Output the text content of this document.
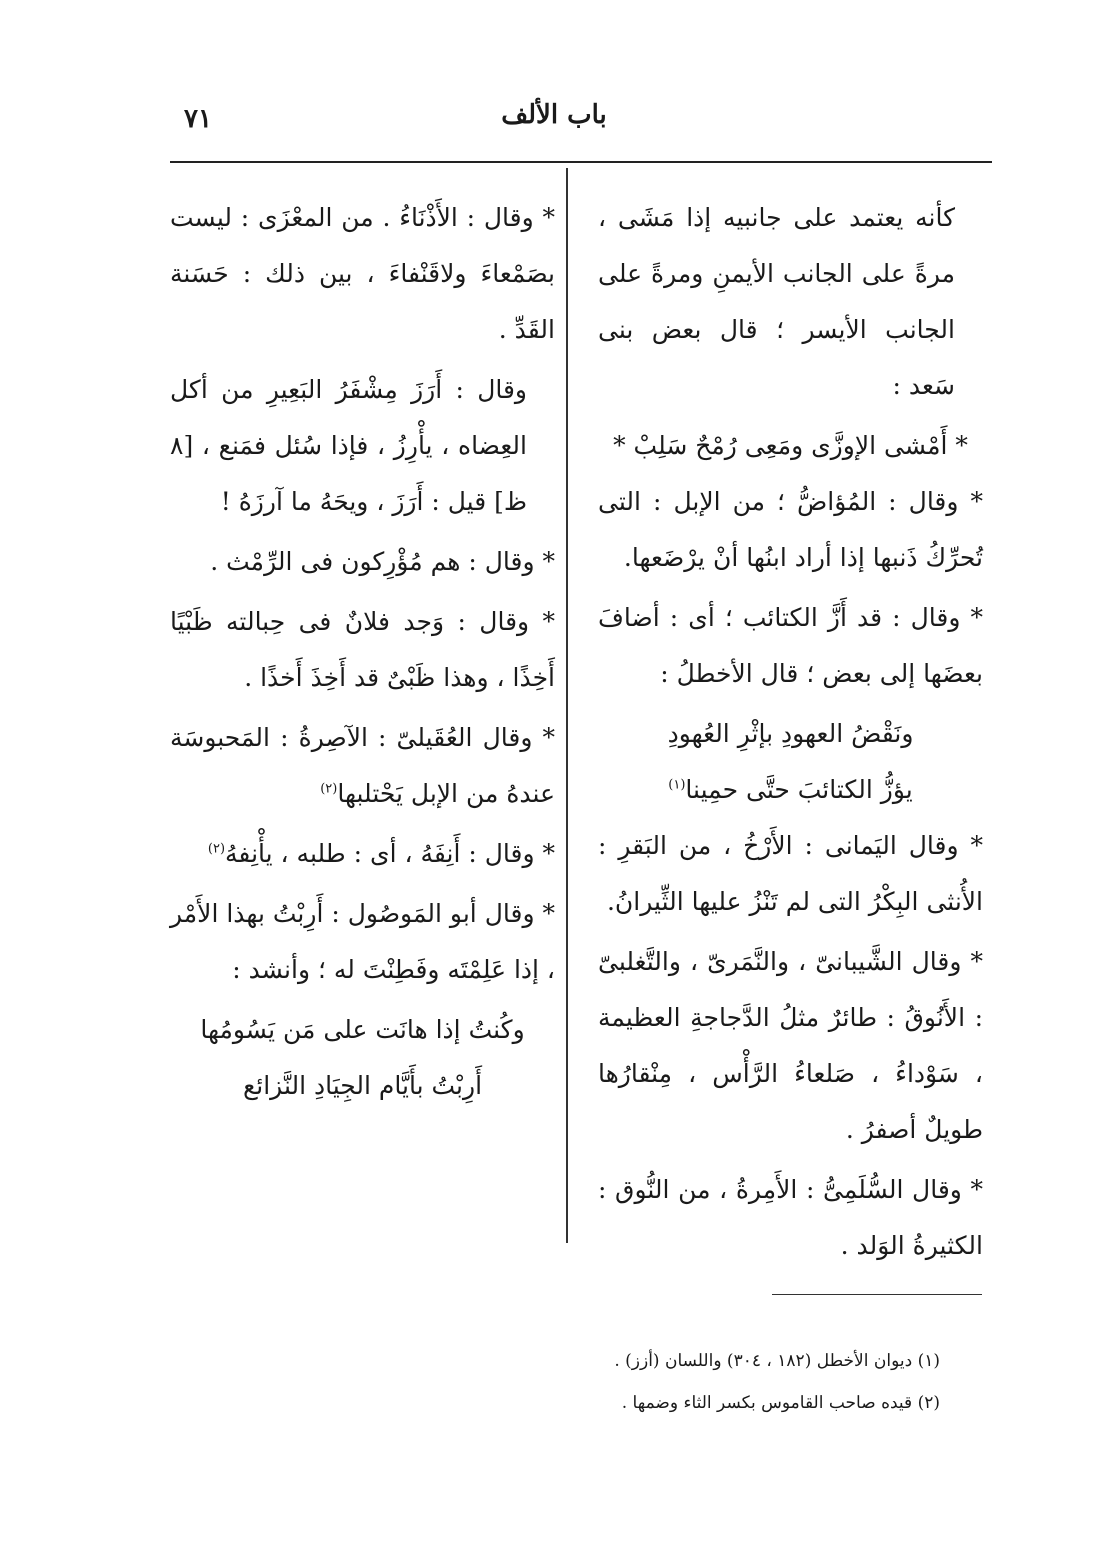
باب الألف
٧١

كأنه يعتمد على جانبيه إذا مَشَى ، مرةً على الجانب الأيمنِ ومرةً على الجانب الأيسر ؛ قال بعض بنى سَعد :

* أَمْشى الإوزَّى ومَعِى رُمْحٌ سَلِبْ *

* وقال : المُؤاضُّ ؛ من الإبل : التى تُحرِّكُ ذَنبها إذا أراد ابنُها أنْ يرْضَعها.

* وقال : قد أَزَّ الكتائب ؛ أى : أضافَ بعضَها إلى بعض ؛ قال الأخطلُ :

ونَقْضُ العهودِ بإثْرِ العُهودِ

يؤزُّ الكتائبَ حتَّى حمِينا$^{(١)}$

* وقال اليَمانى : الأَرْخُ ، من البَقرِ : الأُنثى البِكْرُ التى لم تَنْزُ عليها الثِّيرانُ.

* وقال الشَّيبانىّ ، والنَّمَرىّ ، والتَّغلبىّ : الأَنُوقُ : طائرٌ مثلُ الدَّجاجةِ العظيمة ، سَوْداءُ ، صَلعاءُ الرَّأْس ، مِنْقارُها طويلٌ أصفرُ .

* وقال السُّلَمِىُّ : الأَمِرةُ ، من النُّوق : الكثيرةُ الوَلد .

* وقال : الأَذْنَاءُ . من المعْزَى : ليست بصَمْعاءَ ولاقَنْفاءَ ، بين ذلك : حَسَنة القَدِّ .

وقال : أَرَزَ مِشْفَرُ البَعِيرِ من أكل العِضاه ، يأْرِزُ ، فإذا سُئل فمَنع ، [٨ ظ] قيل : أَرَزَ ، ويحَهُ ما آرزَهُ !

* وقال : هم مُؤْرِكون فى الرِّمْث .

* وقال : وَجد فلانٌ فى حِبالته ظَبْيًا أَخِذًا ، وهذا ظَبْىٌ قد أَخِذَ أَخذًا .

* وقال العُقَيلىّ : الآصِرةُ : المَحبوسَة عندهُ من الإبل يَحْتلبها$^{(٢)}$

* وقال : أَنِفَهُ ، أى : طلبه ، يأْنِفهُ$^{(٢)}$

* وقال أبو المَوصُول : أَرِبْتُ بهذا الأَمْر ، إذا عَلِمْتَه وفَطِنْتَ له ؛ وأنشد :

وكُنتُ إذا هانَت على مَن يَسُومُها

أَرِبْتُ بأَيَّام الجِيَادِ النَّزائع

(١) ديوان الأخطل (١٨٢ ، ٣٠٤) واللسان (أزز) .

(٢) قيده صاحب القاموس بكسر الثاء وضمها .
